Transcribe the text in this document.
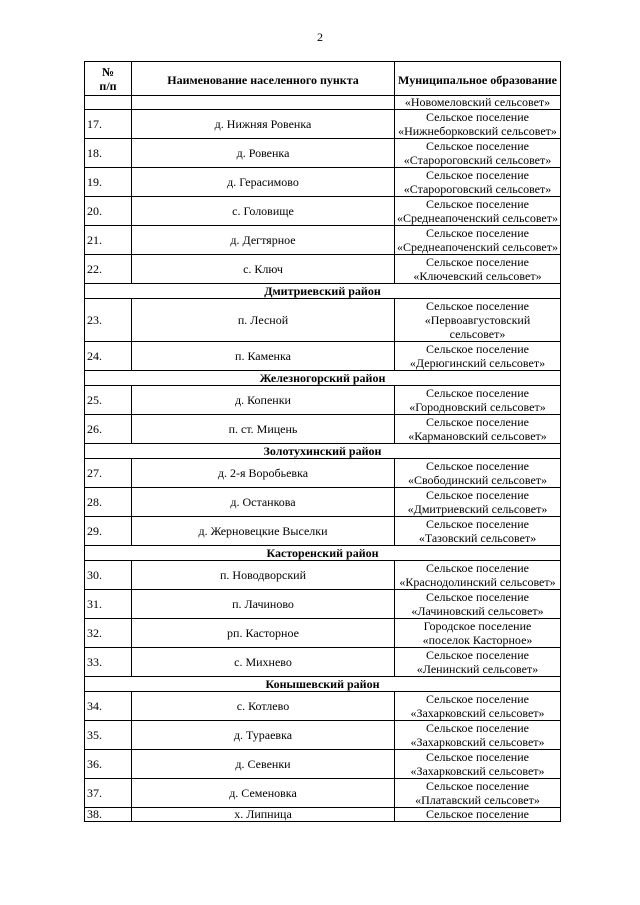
2
№
п/п	Наименование населенного пункта	Муниципальное образование
		«Новомеловский сельсовет»
17.	д. Нижняя Ровенка	Сельское поселение
«Нижнеборковский сельсовет»

18.	д. Ровенка	Сельское поселение
«Старороговский сельсовет»

19.	д. Герасимово	Сельское поселение
«Старороговский сельсовет»

20.	с. Головище	Сельское поселение
«Среднеапоченский сельсовет»

21.	д. Дегтярное	Сельское поселение
«Среднеапоченский сельсовет»

22.	с. Ключ	Сельское поселение
«Ключевский сельсовет»

Дмитриевский район		
23.	п. Лесной	Сельское поселение
«Первоавгустовский сельсовет»

24.	п. Каменка	Сельское поселение
«Дерюгинский сельсовет»

Железногорский район		
25.	д. Копенки	Сельское поселение
«Городновский сельсовет»

26.	п. ст. Мицень	Сельское поселение
«Кармановский сельсовет»

Золотухинский район		
27.	д. 2-я Воробьевка	Сельское поселение
«Свободинский сельсовет»

28.	д. Останкова	Сельское поселение
«Дмитриевский сельсовет»

29.	д. Жерновецкие Выселки	Сельское поселение
«Тазовский сельсовет»

Касторенский район		
30.	п. Новодворский	Сельское поселение
«Краснодолинский сельсовет»

31.	п. Лачиново	Сельское поселение
«Лачиновский сельсовет»

32.	рп. Касторное	Городское поселение
«поселок Касторное»

33.	с. Михнево	Сельское поселение
«Ленинский сельсовет»

Конышевский район		
34.	с. Котлево	Сельское поселение
«Захарковский сельсовет»

35.	д. Тураевка	Сельское поселение
«Захарковский сельсовет»

36.	д. Севенки	Сельское поселение
«Захарковский сельсовет»

37.	д. Семеновка	Сельское поселение
«Платавский сельсовет»

38.	х. Липница	Сельское поселение
